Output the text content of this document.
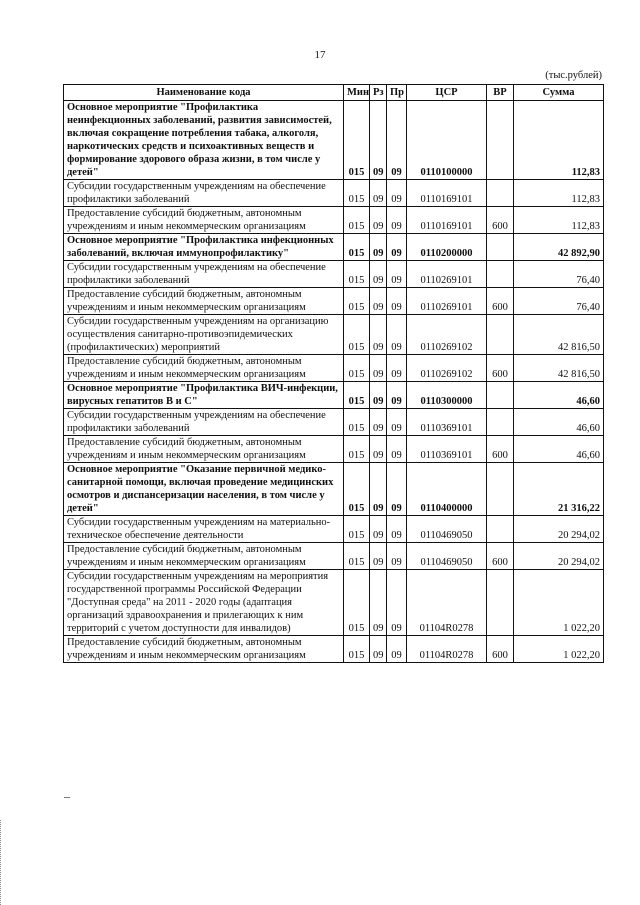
17
(тыс.рублей)
Наименование кода	Мин	Рз	Пр	ЦСР	ВР	Сумма
Основное мероприятие "Профилактика неинфекционных заболеваний, развития зависимостей, включая сокращение потребления табака, алкоголя, наркотических средств и психоактивных веществ и формирование здорового образа жизни, в том числе у детей"	015	09	09	0110100000		112,83
Субсидии государственным учреждениям на обеспечение профилактики заболеваний	015	09	09	0110169101		112,83
Предоставление субсидий бюджетным, автономным учреждениям и иным некоммерческим организациям	015	09	09	0110169101	600	112,83
Основное мероприятие "Профилактика инфекционных заболеваний, включая иммунопрофилактику"	015	09	09	0110200000		42 892,90
Субсидии государственным учреждениям на обеспечение профилактики заболеваний	015	09	09	0110269101		76,40
Предоставление субсидий бюджетным, автономным учреждениям и иным некоммерческим организациям	015	09	09	0110269101	600	76,40
Субсидии государственным учреждениям на организацию осуществления санитарно-противоэпидемических (профилактических) мероприятий	015	09	09	0110269102		42 816,50
Предоставление субсидий бюджетным, автономным учреждениям и иным некоммерческим организациям	015	09	09	0110269102	600	42 816,50
Основное мероприятие "Профилактика ВИЧ-инфекции, вирусных гепатитов В и С"	015	09	09	0110300000		46,60
Субсидии государственным учреждениям на обеспечение профилактики заболеваний	015	09	09	0110369101		46,60
Предоставление субсидий бюджетным, автономным учреждениям и иным некоммерческим организациям	015	09	09	0110369101	600	46,60
Основное мероприятие "Оказание первичной медико-санитарной помощи, включая проведение медицинских осмотров и диспансеризации населения, в том числе у детей"	015	09	09	0110400000		21 316,22
Субсидии государственным учреждениям на материально-техническое обеспечение деятельности	015	09	09	0110469050		20 294,02
Предоставление субсидий бюджетным, автономным учреждениям и иным некоммерческим организациям	015	09	09	0110469050	600	20 294,02
Субсидии государственным учреждениям на мероприятия государственной программы Российской Федерации "Доступная среда" на 2011 - 2020 годы (адаптация организаций здравоохранения и прилегающих к ним территорий с учетом доступности для инвалидов)	015	09	09	01104R0278		1 022,20
Предоставление субсидий бюджетным, автономным учреждениям и иным некоммерческим организациям	015	09	09	01104R0278	600	1 022,20
